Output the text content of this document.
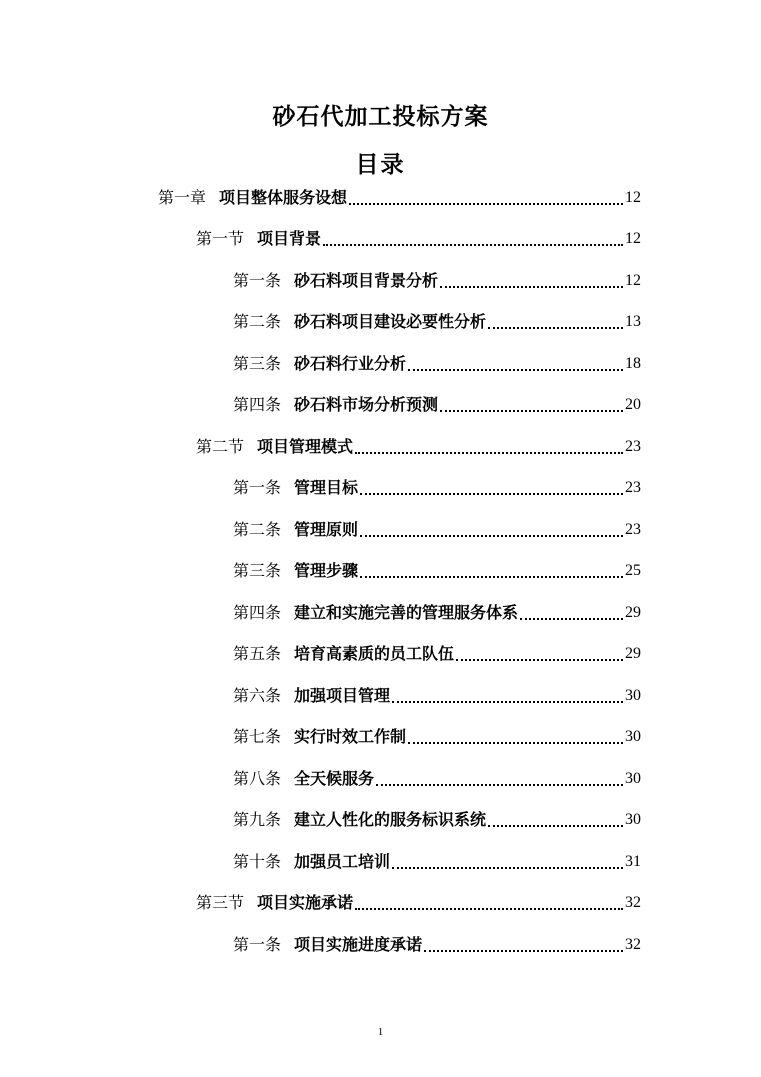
砂石代加工投标方案
目录
第一章 项目整体服务设想	12
第一节 项目背景	12
第一条 砂石料项目背景分析	12
第二条 砂石料项目建设必要性分析	13
第三条 砂石料行业分析	18
第四条 砂石料市场分析预测	20
第二节 项目管理模式	23
第一条 管理目标	23
第二条 管理原则	23
第三条 管理步骤	25
第四条 建立和实施完善的管理服务体系	29
第五条 培育高素质的员工队伍	29
第六条 加强项目管理	30
第七条 实行时效工作制	30
第八条 全天候服务	30
第九条 建立人性化的服务标识系统	30
第十条 加强员工培训	31
第三节 项目实施承诺	32
第一条 项目实施进度承诺	32
1
